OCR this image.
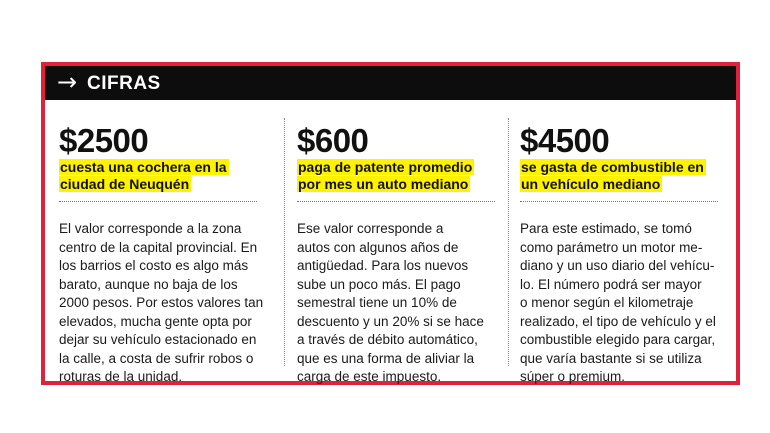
→ CIFRAS
$2500
cuesta una cochera en la
ciudad de Neuquén
El valor corresponde a la zona
centro de la capital provincial. En
los barrios el costo es algo más
barato, aunque no baja de los
2000 pesos. Por estos valores tan
elevados, mucha gente opta por
dejar su vehículo estacionado en
la calle, a costa de sufrir robos o
roturas de la unidad.
$600
paga de patente promedio
por mes un auto mediano
Ese valor corresponde a
autos con algunos años de
antigüedad. Para los nuevos
sube un poco más. El pago
semestral tiene un 10% de
descuento y un 20% si se hace
a través de débito automático,
que es una forma de aliviar la
carga de este impuesto.
$4500
se gasta de combustible en
un vehículo mediano
Para este estimado, se tomó
como parámetro un motor me-
diano y un uso diario del vehícu-
lo. El número podrá ser mayor
o menor según el kilometraje
realizado, el tipo de vehículo y el
combustible elegido para cargar,
que varía bastante si se utiliza
súper o premium.
